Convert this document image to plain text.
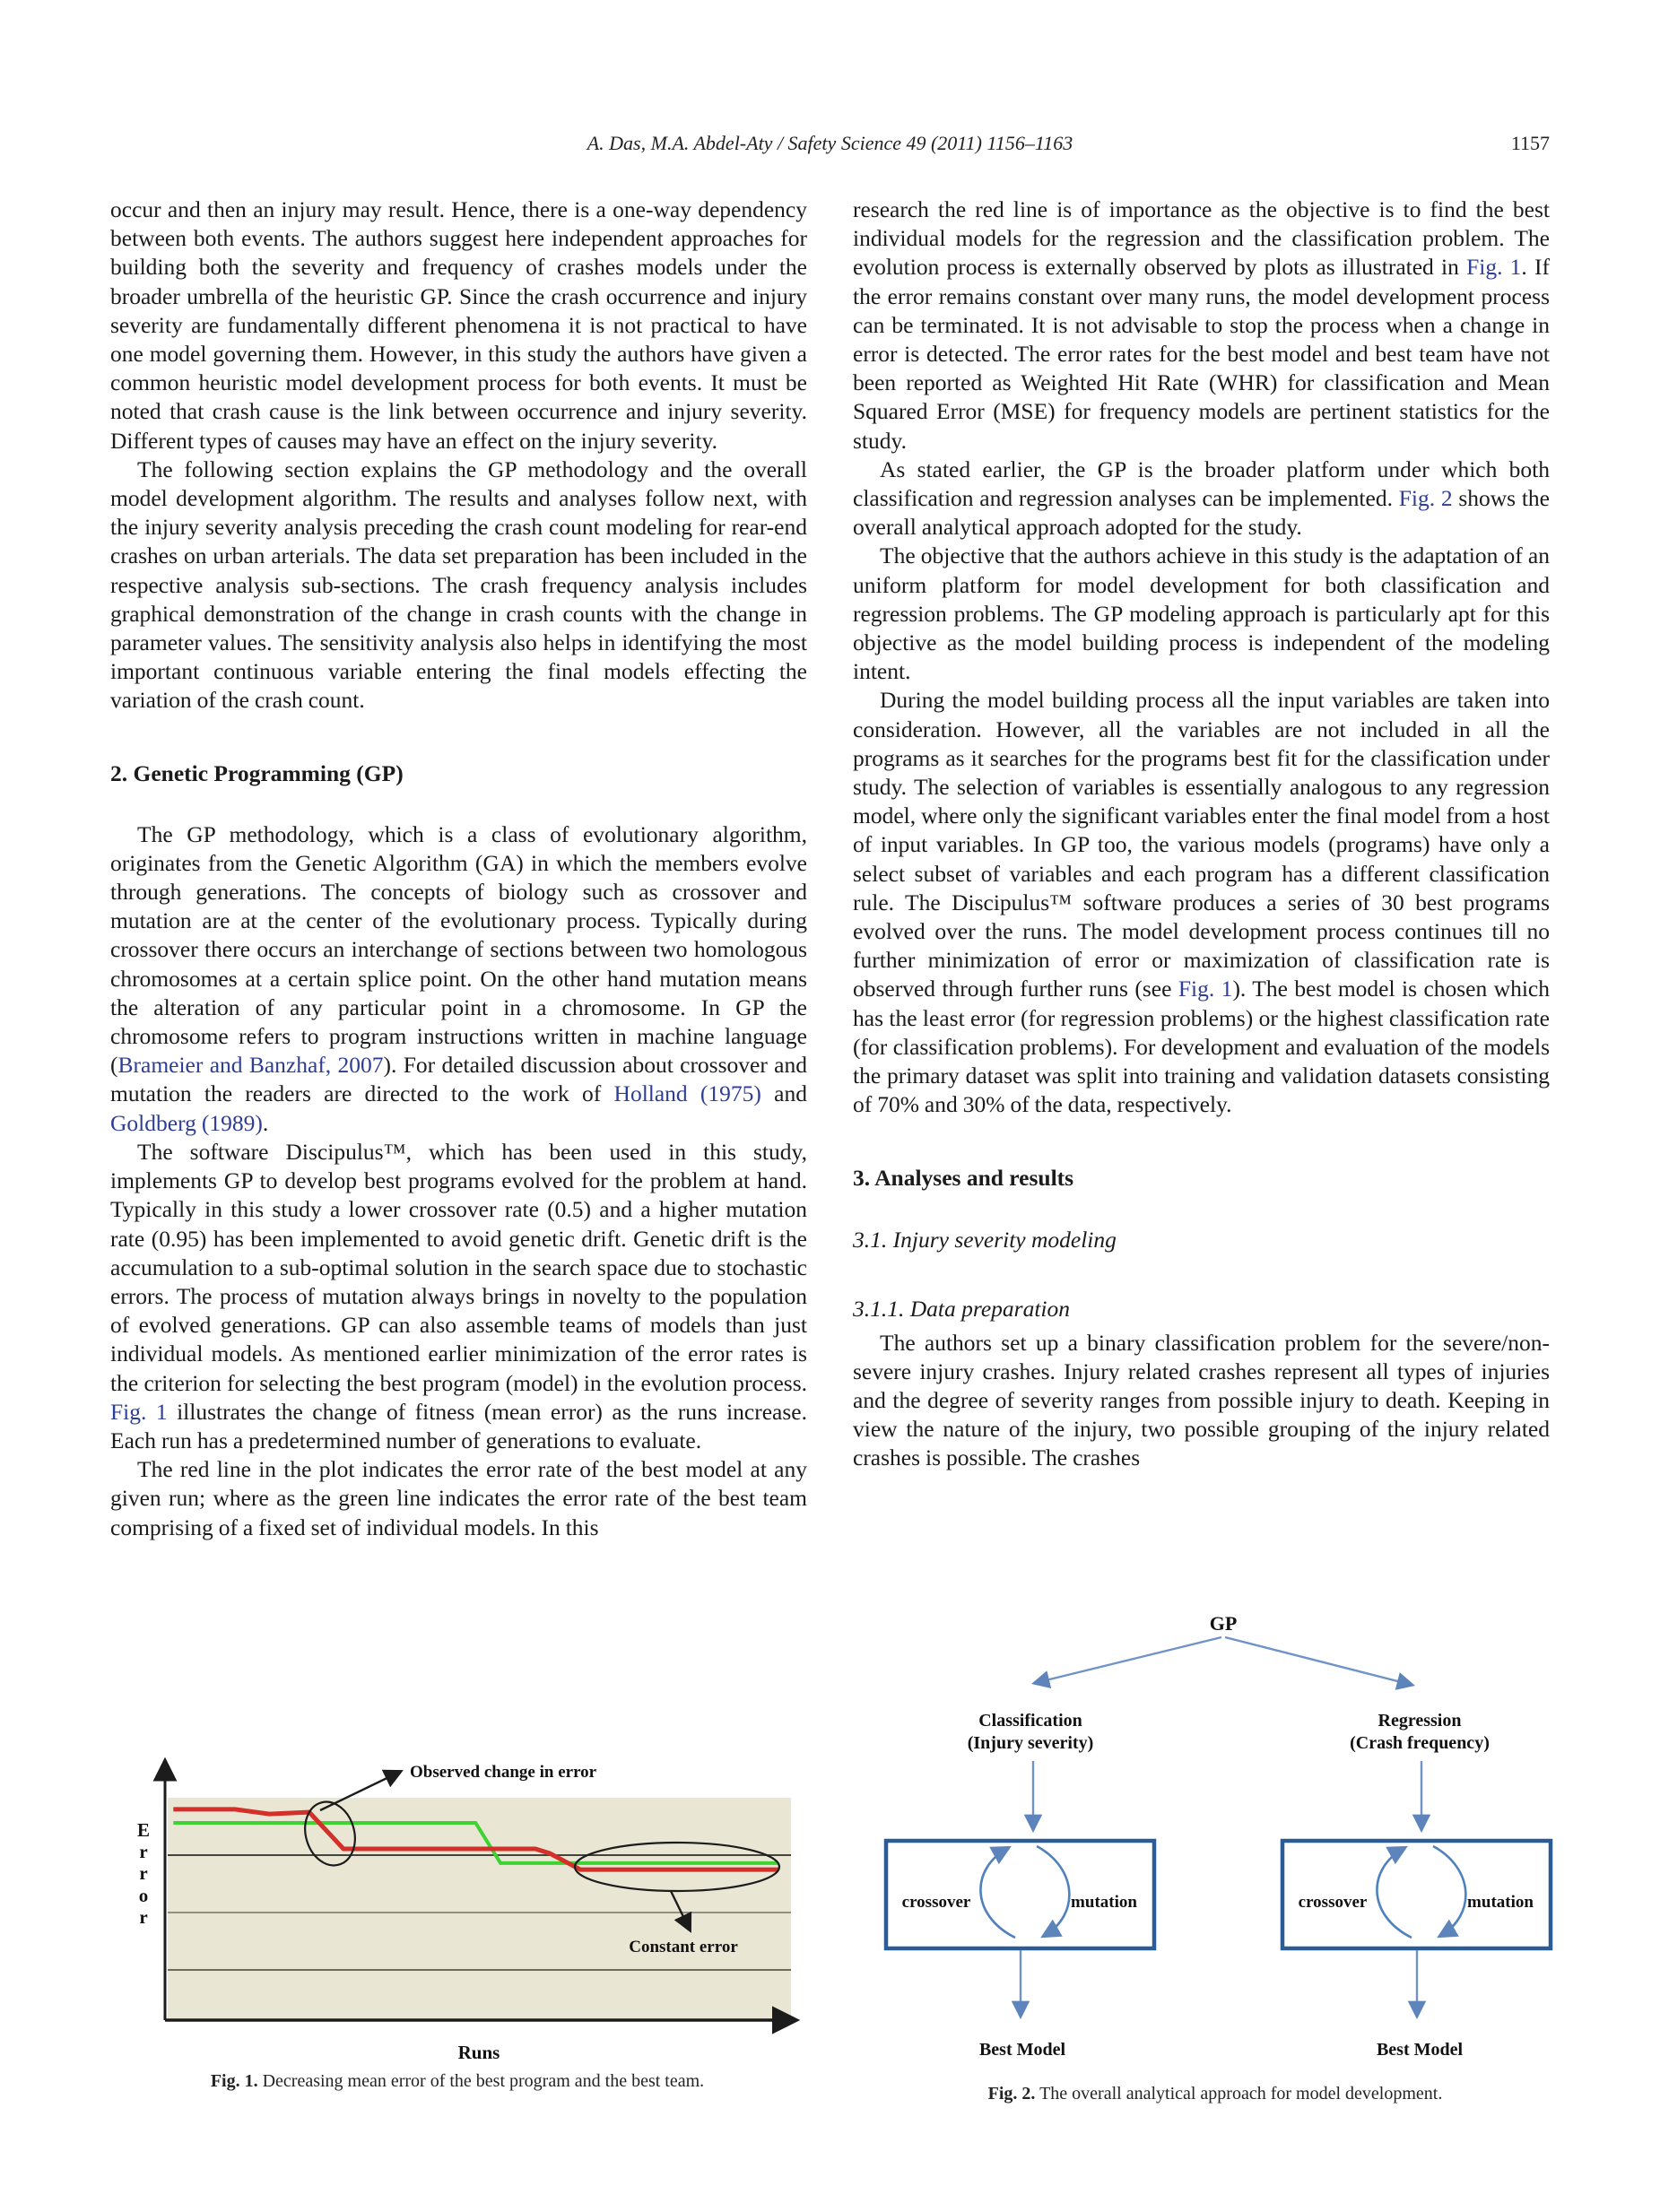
A. Das, M.A. Abdel-Aty / Safety Science 49 (2011) 1156–1163	1157

occur and then an injury may result. Hence, there is a one-way dependency between both events. The authors suggest here independent approaches for building both the severity and frequency of crashes models under the broader umbrella of the heuristic GP. Since the crash occurrence and injury severity are fundamentally different phenomena it is not practical to have one model governing them. However, in this study the authors have given a common heuristic model development process for both events. It must be noted that crash cause is the link between occurrence and injury severity. Different types of causes may have an effect on the injury severity.

The following section explains the GP methodology and the overall model development algorithm. The results and analyses follow next, with the injury severity analysis preceding the crash count modeling for rear-end crashes on urban arterials. The data set preparation has been included in the respective analysis sub-sections. The crash frequency analysis includes graphical demonstration of the change in crash counts with the change in parameter values. The sensitivity analysis also helps in identifying the most important continuous variable entering the final models effecting the variation of the crash count.

2. Genetic Programming (GP)

The GP methodology, which is a class of evolutionary algorithm, originates from the Genetic Algorithm (GA) in which the members evolve through generations. The concepts of biology such as crossover and mutation are at the center of the evolutionary process. Typically during crossover there occurs an interchange of sections between two homologous chromosomes at a certain splice point. On the other hand mutation means the alteration of any particular point in a chromosome. In GP the chromosome refers to program instructions written in machine language (Brameier and Banzhaf, 2007). For detailed discussion about crossover and mutation the readers are directed to the work of Holland (1975) and Goldberg (1989).

The software Discipulus™, which has been used in this study, implements GP to develop best programs evolved for the problem at hand. Typically in this study a lower crossover rate (0.5) and a higher mutation rate (0.95) has been implemented to avoid genetic drift. Genetic drift is the accumulation to a sub-optimal solution in the search space due to stochastic errors. The process of mutation always brings in novelty to the population of evolved generations. GP can also assemble teams of models than just individual models. As mentioned earlier minimization of the error rates is the criterion for selecting the best program (model) in the evolution process. Fig. 1 illustrates the change of fitness (mean error) as the runs increase. Each run has a predetermined number of generations to evaluate.

The red line in the plot indicates the error rate of the best model at any given run; where as the green line indicates the error rate of the best team comprising of a fixed set of individual models. In this

research the red line is of importance as the objective is to find the best individual models for the regression and the classification problem. The evolution process is externally observed by plots as illustrated in Fig. 1. If the error remains constant over many runs, the model development process can be terminated. It is not advisable to stop the process when a change in error is detected. The error rates for the best model and best team have not been reported as Weighted Hit Rate (WHR) for classification and Mean Squared Error (MSE) for frequency models are pertinent statistics for the study.

As stated earlier, the GP is the broader platform under which both classification and regression analyses can be implemented. Fig. 2 shows the overall analytical approach adopted for the study.

The objective that the authors achieve in this study is the adaptation of an uniform platform for model development for both classification and regression problems. The GP modeling approach is particularly apt for this objective as the model building process is independent of the modeling intent.

During the model building process all the input variables are taken into consideration. However, all the variables are not included in all the programs as it searches for the programs best fit for the classification under study. The selection of variables is essentially analogous to any regression model, where only the significant variables enter the final model from a host of input variables. In GP too, the various models (programs) have only a select subset of variables and each program has a different classification rule. The Discipulus™ software produces a series of 30 best programs evolved over the runs. The model development process continues till no further minimization of error or maximization of classification rate is observed through further runs (see Fig. 1). The best model is chosen which has the least error (for regression problems) or the highest classification rate (for classification problems). For development and evaluation of the models the primary dataset was split into training and validation datasets consisting of 70% and 30% of the data, respectively.

3. Analyses and results
3.1. Injury severity modeling
3.1.1. Data preparation

The authors set up a binary classification problem for the severe/non-severe injury crashes. Injury related crashes represent all types of injuries and the degree of severity ranges from possible injury to death. Keeping in view the nature of the injury, two possible grouping of the injury related crashes is possible. The crashes

Observed change in error
Constant error
E
r
r
o
r
Runs
Fig. 1. Decreasing mean error of the best program and the best team.
GP
Classification
(Injury severity)
Regression
(Crash frequency)
crossover	mutation	crossover	mutation
Best Model	Best Model
Fig. 2. The overall analytical approach for model development.
